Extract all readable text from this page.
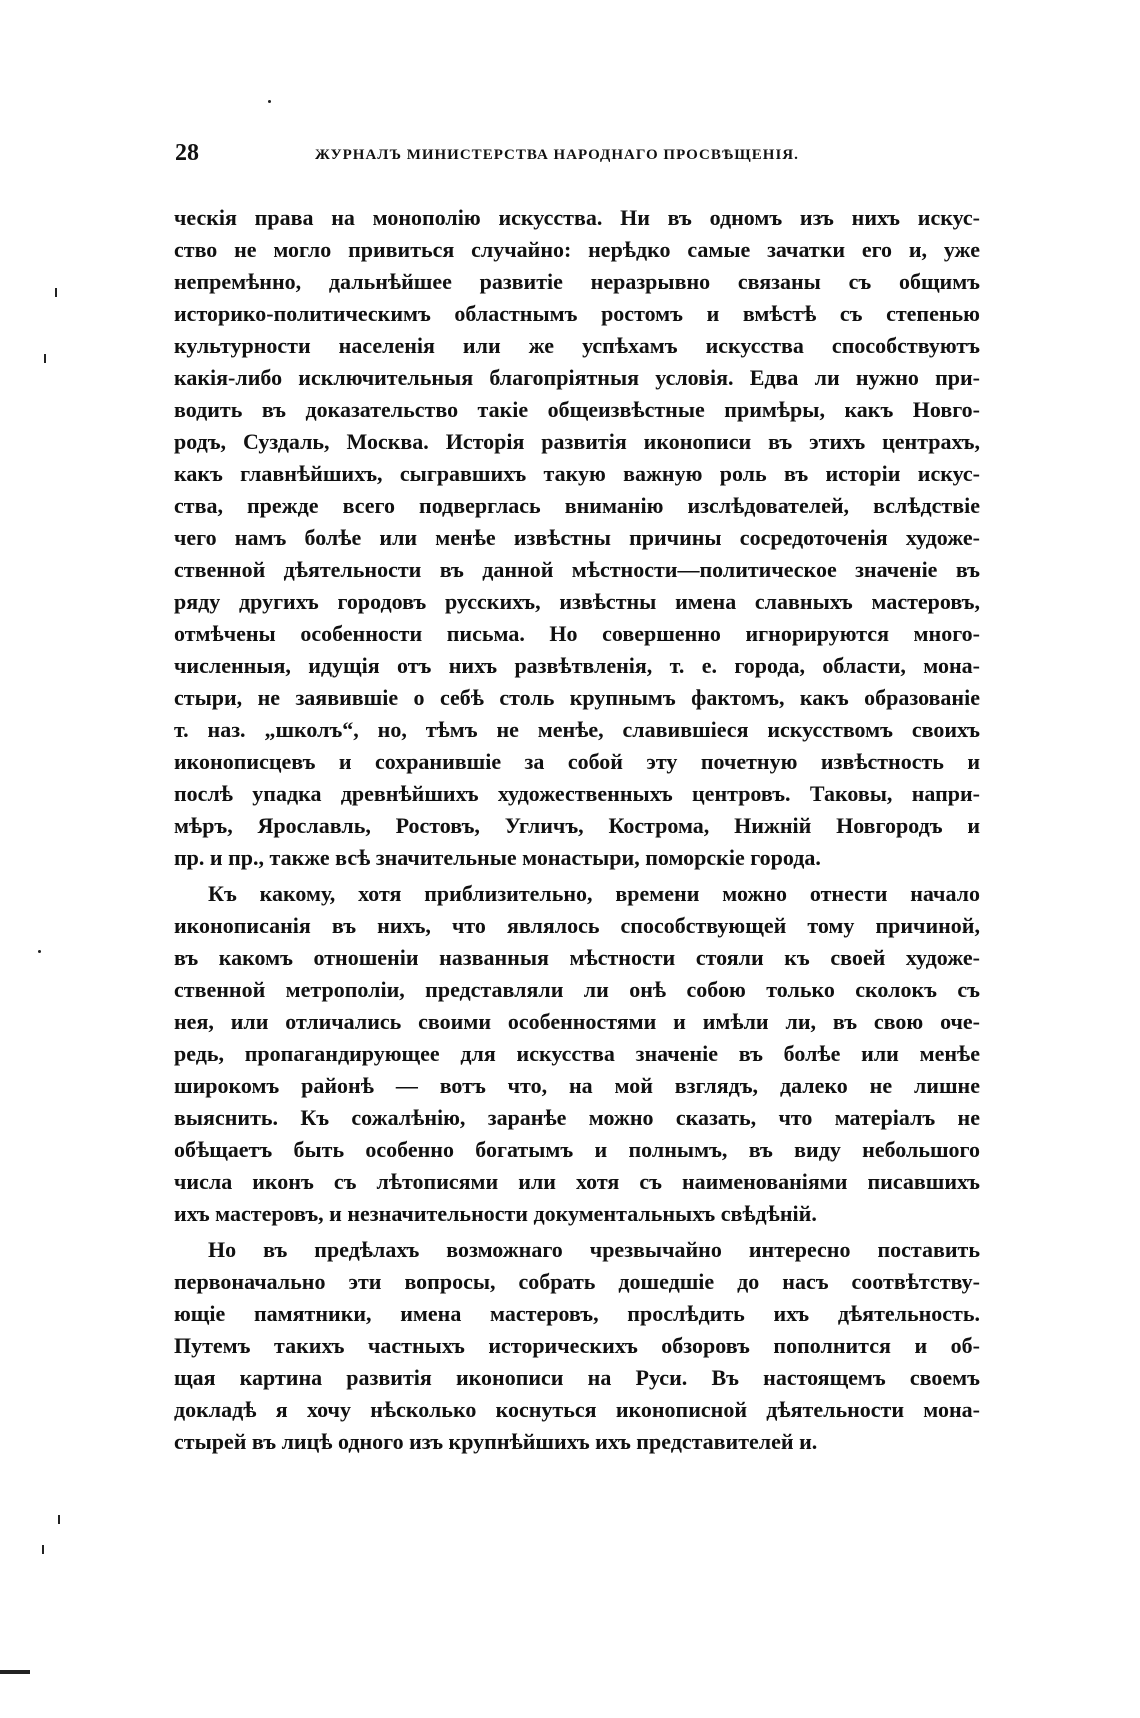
28	ЖУРНАЛЪ МИНИСТЕРСТВА НАРОДНАГО ПРОСВѢЩЕНІЯ.
ческія права на монополію искусства. Ни въ одномъ изъ нихъ искус-
ство не могло привиться случайно: нерѣдко самые зачатки его и, уже
непремѣнно, дальнѣйшее развитіе неразрывно связаны съ общимъ
историко-политическимъ областнымъ ростомъ и вмѣстѣ съ степенью
культурности населенія или же успѣхамъ искусства способствуютъ
какія-либо исключительныя благопріятныя условія. Едва ли нужно при-
водить въ доказательство такіе общеизвѣстные примѣры, какъ Новго-
родъ, Суздаль, Москва. Исторія развитія иконописи въ этихъ центрахъ,
какъ главнѣйшихъ, сыгравшихъ такую важную роль въ исторіи искус-
ства, прежде всего подверглась вниманію изслѣдователей, вслѣдствіе
чего намъ болѣе или менѣе извѣстны причины сосредоточенія художе-
ственной дѣятельности въ данной мѣстности—политическое значеніе въ
ряду другихъ городовъ русскихъ, извѣстны имена славныхъ мастеровъ,
отмѣчены особенности письма. Но совершенно игнорируются много-
численныя, идущія отъ нихъ развѣтвленія, т. е. города, области, мона-
стыри, не заявившіе о себѣ столь крупнымъ фактомъ, какъ образованіе
т. наз. „школъ“, но, тѣмъ не менѣе, славившіеся искусствомъ своихъ
иконописцевъ и сохранившіе за собой эту почетную извѣстность и
послѣ упадка древнѣйшихъ художественныхъ центровъ. Таковы, напри-
мѣръ, Ярославль, Ростовъ, Угличъ, Кострома, Нижній Новгородъ и
пр. и пр., также всѣ значительные монастыри, поморскіе города.
Къ какому, хотя приблизительно, времени можно отнести начало
иконописанія въ нихъ, что являлось способствующей тому причиной,
въ какомъ отношеніи названныя мѣстности стояли къ своей художе-
ственной метрополіи, представляли ли онѣ собою только сколокъ съ
нея, или отличались своими особенностями и имѣли ли, въ свою оче-
редь, пропагандирующее для искусства значеніе въ болѣе или менѣе
широкомъ районѣ — вотъ что, на мой взглядъ, далеко не лишне
выяснить. Къ сожалѣнію, заранѣе можно сказать, что матеріалъ не
обѣщаетъ быть особенно богатымъ и полнымъ, въ виду небольшого
числа иконъ съ лѣтописями или хотя съ наименованіями писавшихъ
ихъ мастеровъ, и незначительности документальныхъ свѣдѣній.
Но въ предѣлахъ возможнаго чрезвычайно интересно поставить
первоначально эти вопросы, собрать дошедшіе до насъ соотвѣтству-
ющіе памятники, имена мастеровъ, прослѣдить ихъ дѣятельность.
Путемъ такихъ частныхъ историческихъ обзоровъ пополнится и об-
щая картина развитія иконописи на Руси. Въ настоящемъ своемъ
докладѣ я хочу нѣсколько коснуться иконописной дѣятельности мона-
стырей въ лицѣ одного изъ крупнѣйшихъ ихъ представителей и.
